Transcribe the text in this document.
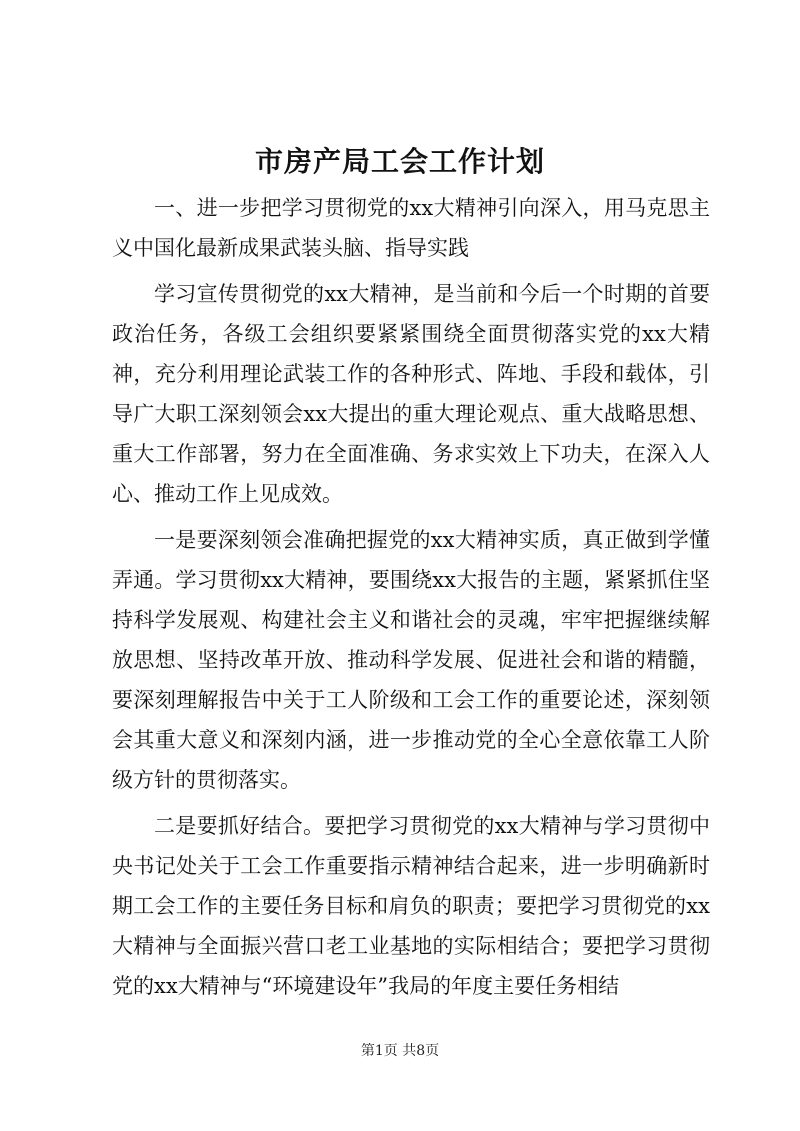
市房产局工会工作计划

一、进一步把学习贯彻党的xx大精神引向深入，用马克思主义中国化最新成果武装头脑、指导实践

学习宣传贯彻党的xx大精神，是当前和今后一个时期的首要政治任务，各级工会组织要紧紧围绕全面贯彻落实党的xx大精神，充分利用理论武装工作的各种形式、阵地、手段和载体，引导广大职工深刻领会xx大提出的重大理论观点、重大战略思想、重大工作部署，努力在全面准确、务求实效上下功夫，在深入人心、推动工作上见成效。

一是要深刻领会准确把握党的xx大精神实质，真正做到学懂弄通。学习贯彻xx大精神，要围绕xx大报告的主题，紧紧抓住坚持科学发展观、构建社会主义和谐社会的灵魂，牢牢把握继续解放思想、坚持改革开放、推动科学发展、促进社会和谐的精髓，要深刻理解报告中关于工人阶级和工会工作的重要论述，深刻领会其重大意义和深刻内涵，进一步推动党的全心全意依靠工人阶级方针的贯彻落实。

二是要抓好结合。要把学习贯彻党的xx大精神与学习贯彻中央书记处关于工会工作重要指示精神结合起来，进一步明确新时期工会工作的主要任务目标和肩负的职责；要把学习贯彻党的xx大精神与全面振兴营口老工业基地的实际相结合；要把学习贯彻党的xx大精神与“环境建设年”我局的年度主要任务相结

第1页 共8页
